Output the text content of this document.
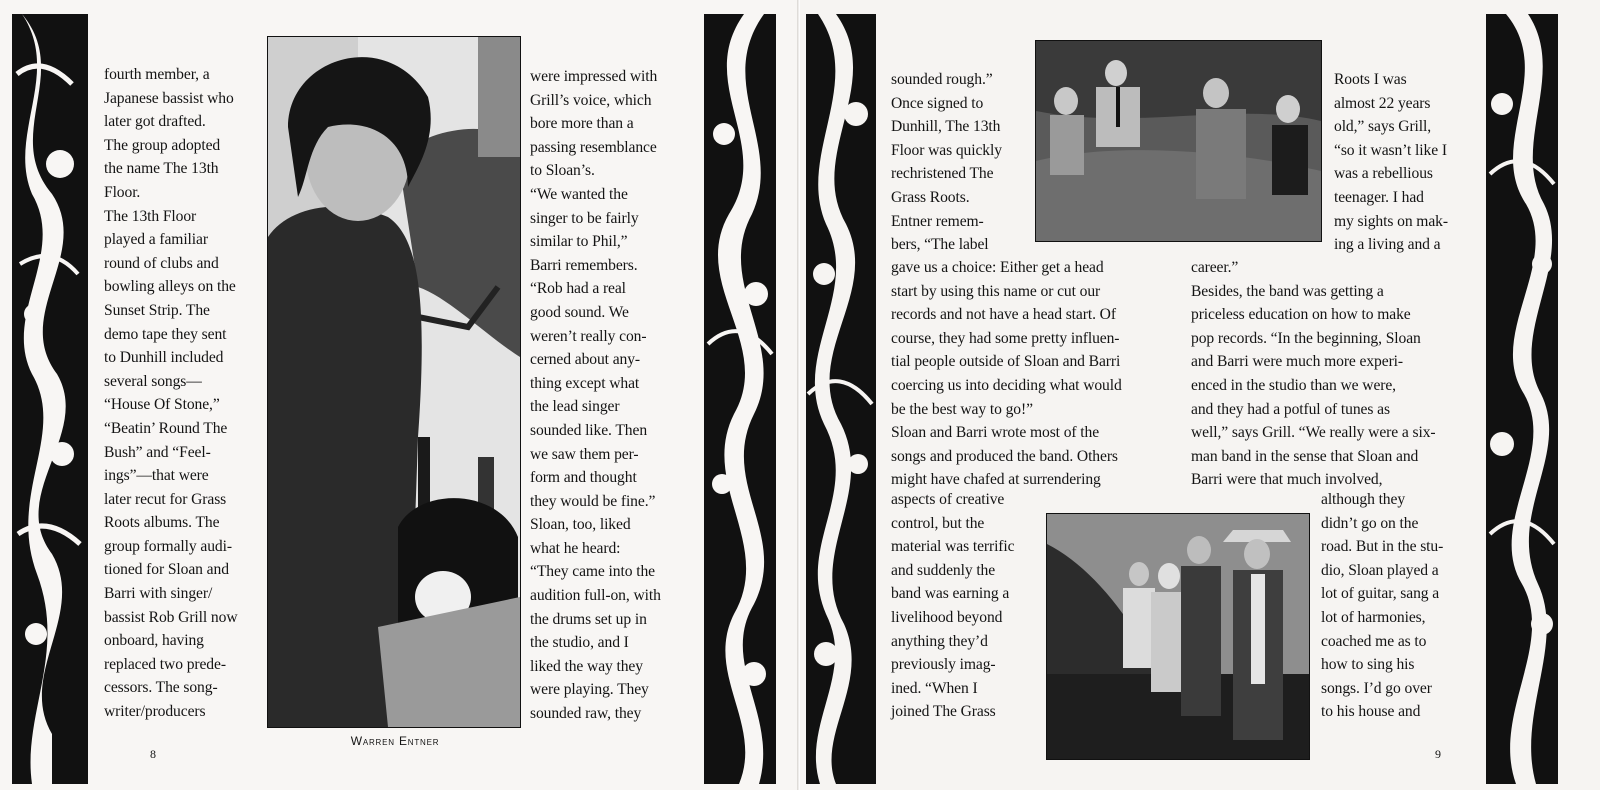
fourth member, a
Japanese bassist who
later got drafted.
The group adopted
the name The 13th
Floor.
The 13th Floor
played a familiar
round of clubs and
bowling alleys on the
Sunset Strip. The
demo tape they sent
to Dunhill included
several songs—
“House Of Stone,”
“Beatin’ Round The
Bush” and “Feel-
ings”—that were
later recut for Grass
Roots albums. The
group formally audi-
tioned for Sloan and
Barri with singer/
bassist Rob Grill now
onboard, having
replaced two prede-
cessors. The song-
writer/producers

Warren Entner

were impressed with
Grill’s voice, which
bore more than a
passing resemblance
to Sloan’s.
“We wanted the
singer to be fairly
similar to Phil,”
Barri remembers.
“Rob had a real
good sound. We
weren’t really con-
cerned about any-
thing except what
the lead singer
sounded like. Then
we saw them per-
form and thought
they would be fine.”
Sloan, too, liked
what he heard:
“They came into the
audition full-on, with
the drums set up in
the studio, and I
liked the way they
were playing. They
sounded raw, they

8

sounded rough.”
Once signed to
Dunhill, The 13th
Floor was quickly
rechristened The
Grass Roots.
Entner remem-
bers, “The label

Roots I was
almost 22 years
old,” says Grill,
“so it wasn’t like I
was a rebellious
teenager. I had
my sights on mak-
ing a living and a

gave us a choice: Either get a head
start by using this name or cut our
records and not have a head start. Of
course, they had some pretty influen-
tial people outside of Sloan and Barri
coercing us into deciding what would
be the best way to go!”
Sloan and Barri wrote most of the
songs and produced the band. Others
might have chafed at surrendering

career.”
Besides, the band was getting a
priceless education on how to make
pop records. “In the beginning, Sloan
and Barri were much more experi-
enced in the studio than we were,
and they had a potful of tunes as
well,” says Grill. “We really were a six-
man band in the sense that Sloan and
Barri were that much involved,

aspects of creative
control, but the
material was terrific
and suddenly the
band was earning a
livelihood beyond
anything they’d
previously imag-
ined. “When I
joined The Grass

although they
didn’t go on the
road. But in the stu-
dio, Sloan played a
lot of guitar, sang a
lot of harmonies,
coached me as to
how to sing his
songs. I’d go over
to his house and

9
